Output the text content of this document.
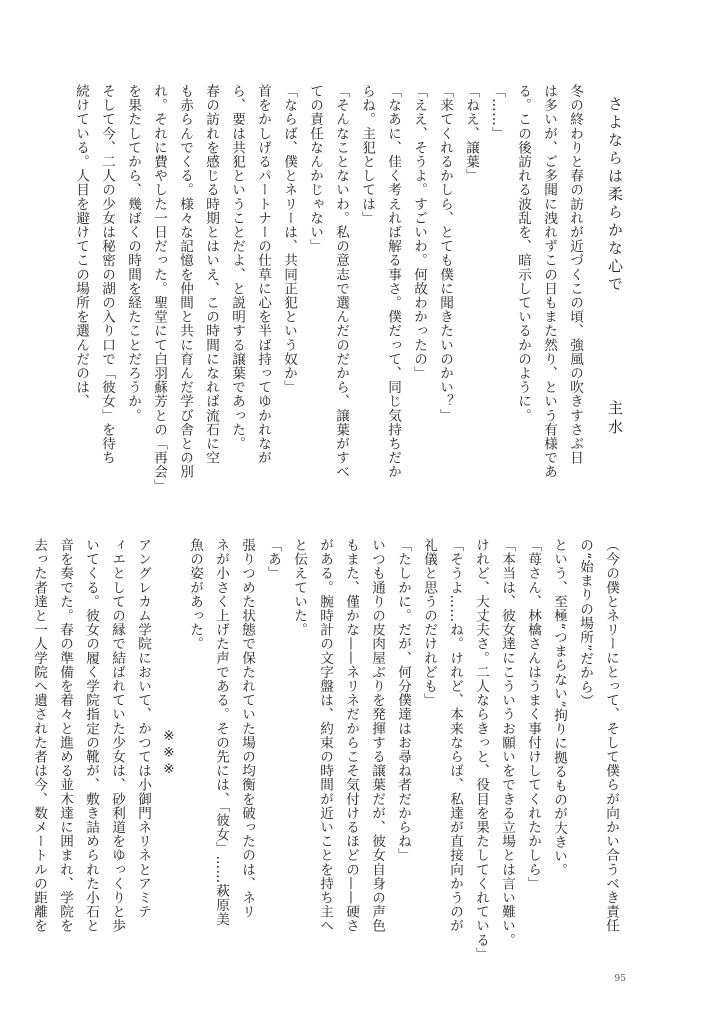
さよならは柔らかな心で
主水
冬の終わりと春の訪れが近づくこの頃、強風の吹きすさぶ日
は多いが、ご多聞に洩れずこの日もまた然り、という有様であ
る。この後訪れる波乱を、暗示しているかのように。
「……」
「ねえ、譲葉」
「来てくれるかしら、とても僕に聞きたいのかい？」
「ええ、そうよ。すごいわ。何故わかったの」
「なあに、佳く考えれば解る事さ。僕だって、同じ気持ちだか
らね。主犯としては」
「そんなことないわ。私の意志で選んだのだから、譲葉がすべ
ての責任なんかじゃない」
「ならば、僕とネリーは、共同正犯という奴か」
首をかしげるパートナーの仕草に心を半ば持ってゆかれなが
ら、要は共犯ということだよ、と説明する譲葉であった。
春の訪れを感じる時期とはいえ、この時間になれば流石に空
も赤らんでくる。様々な記憶を仲間と共に育んだ学び舎との別
れ。それに費やした一日だった。聖堂にて白羽蘇芳との「再会」
を果たしてから、幾ばくの時間を経たことだろうか。
そして今、二人の少女は秘密の湖の入り口で「彼女」を待ち
続けている。人目を避けてこの場所を選んだのは、
（今の僕とネリーにとって、そして僕らが向かい合うべき責任
の“始まりの場所”だから）
という、至極“つまらない”拘りに拠るものが大きい。
「苺さん、林檎さんはうまく事付けしてくれたかしら」
「本当は、彼女達にこういうお願いをできる立場とは言い難い。
けれど、大丈夫さ。二人ならきっと、役目を果たしてくれている」
「そうよ……ね。けれど、本来ならば、私達が直接向かうのが
礼儀と思うのだけれども」
「たしかに。だが、何分僕達はお尋ね者だからね」
いつも通りの皮肉屋ぶりを発揮する譲葉だが、彼女自身の声色
もまた、僅かな——ネリネだからこそ気付けるほどの——硬さ
がある。腕時計の文字盤は、約束の時間が近いことを持ち主へ
と伝えていた。
「あ」
張りつめた状態で保たれていた場の均衡を破ったのは、ネリ
ネが小さく上げた声である。その先には、「彼女」……萩原美
魚の姿があった。
※※※
アングレカム学院において、かつては小御門ネリネとアミテ
ィエとしての縁で結ばれていた少女は、砂利道をゆっくりと歩
いてくる。彼女の履く学院指定の靴が、敷き詰められた小石と
音を奏でた。春の準備を着々と進める並木達に囲まれ、学院を
去った者達と一人学院へ遺された者は今、数メートルの距離を
95
